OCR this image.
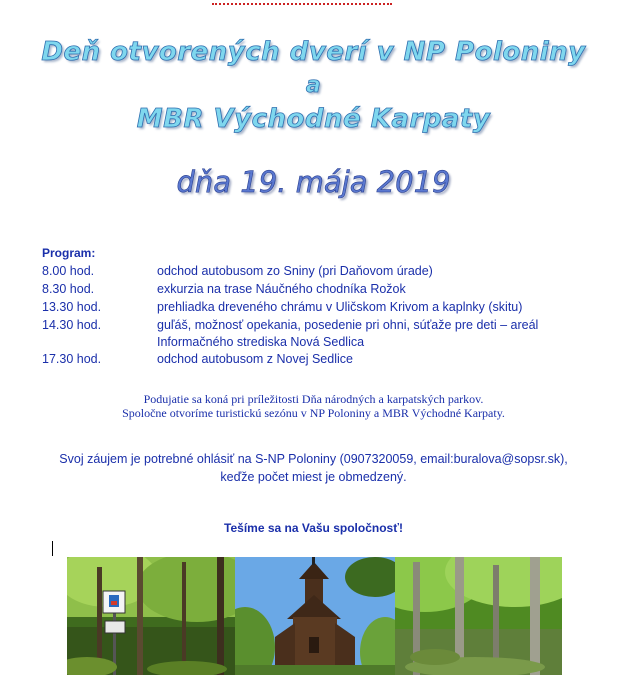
Deň otvorených dverí v NP Poloniny
a
MBR Východné Karpaty
dňa 19. mája 2019
Program:
8.00 hod.	odchod autobusom zo Sniny (pri Daňovom úrade)
8.30 hod.	exkurzia na trase Náučného chodníka Rožok
13.30 hod.	prehliadka dreveného chrámu v Uličskom Krivom a kaplnky (skitu)
14.30 hod.	guľáš, možnosť opekania, posedenie pri ohni, súťaže pre deti – areál
Informačného strediska Nová Sedlica
17.30 hod.	odchod autobusom z Novej Sedlice
Podujatie sa koná pri príležitosti Dňa národných a karpatských parkov.
Spoločne otvoríme turistickú sezónu v NP Poloniny a MBR Východné Karpaty.
Svoj záujem je potrebné ohlásiť na S-NP Poloniny (0907320059, email:buralova@sopsr.sk),
keďže počet miest je obmedzený.
Tešíme sa na Vašu spoločnosť!
